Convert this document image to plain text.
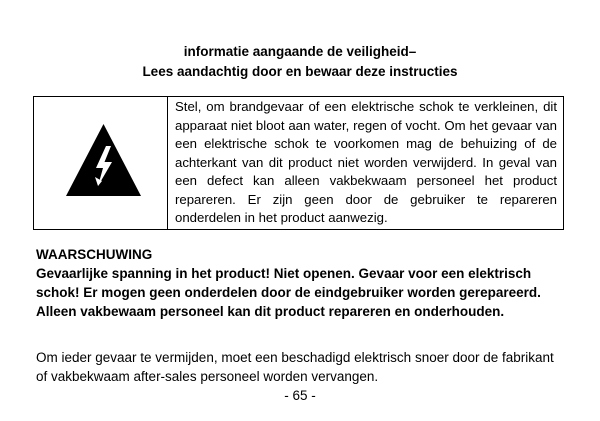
informatie aangaande de veiligheid–
Lees aandachtig door en bewaar deze instructies
Stel, om brandgevaar of een elektrische schok te verkleinen, dit apparaat niet bloot aan water, regen of vocht. Om het gevaar van een elektrische schok te voorkomen mag de behuizing of de achterkant van dit product niet worden verwijderd. In geval van een defect kan alleen vakbekwaam personeel het product repareren. Er zijn geen door de gebruiker te repareren onderdelen in het product aanwezig.
WAARSCHUWING
Gevaarlijke spanning in het product! Niet openen. Gevaar voor een elektrisch schok! Er mogen geen onderdelen door de eindgebruiker worden gerepareerd. Alleen vakbewaam personeel kan dit product repareren en onderhouden.
Om ieder gevaar te vermijden, moet een beschadigd elektrisch snoer door de fabrikant of vakbekwaam after-sales personeel worden vervangen.
- 65 -
